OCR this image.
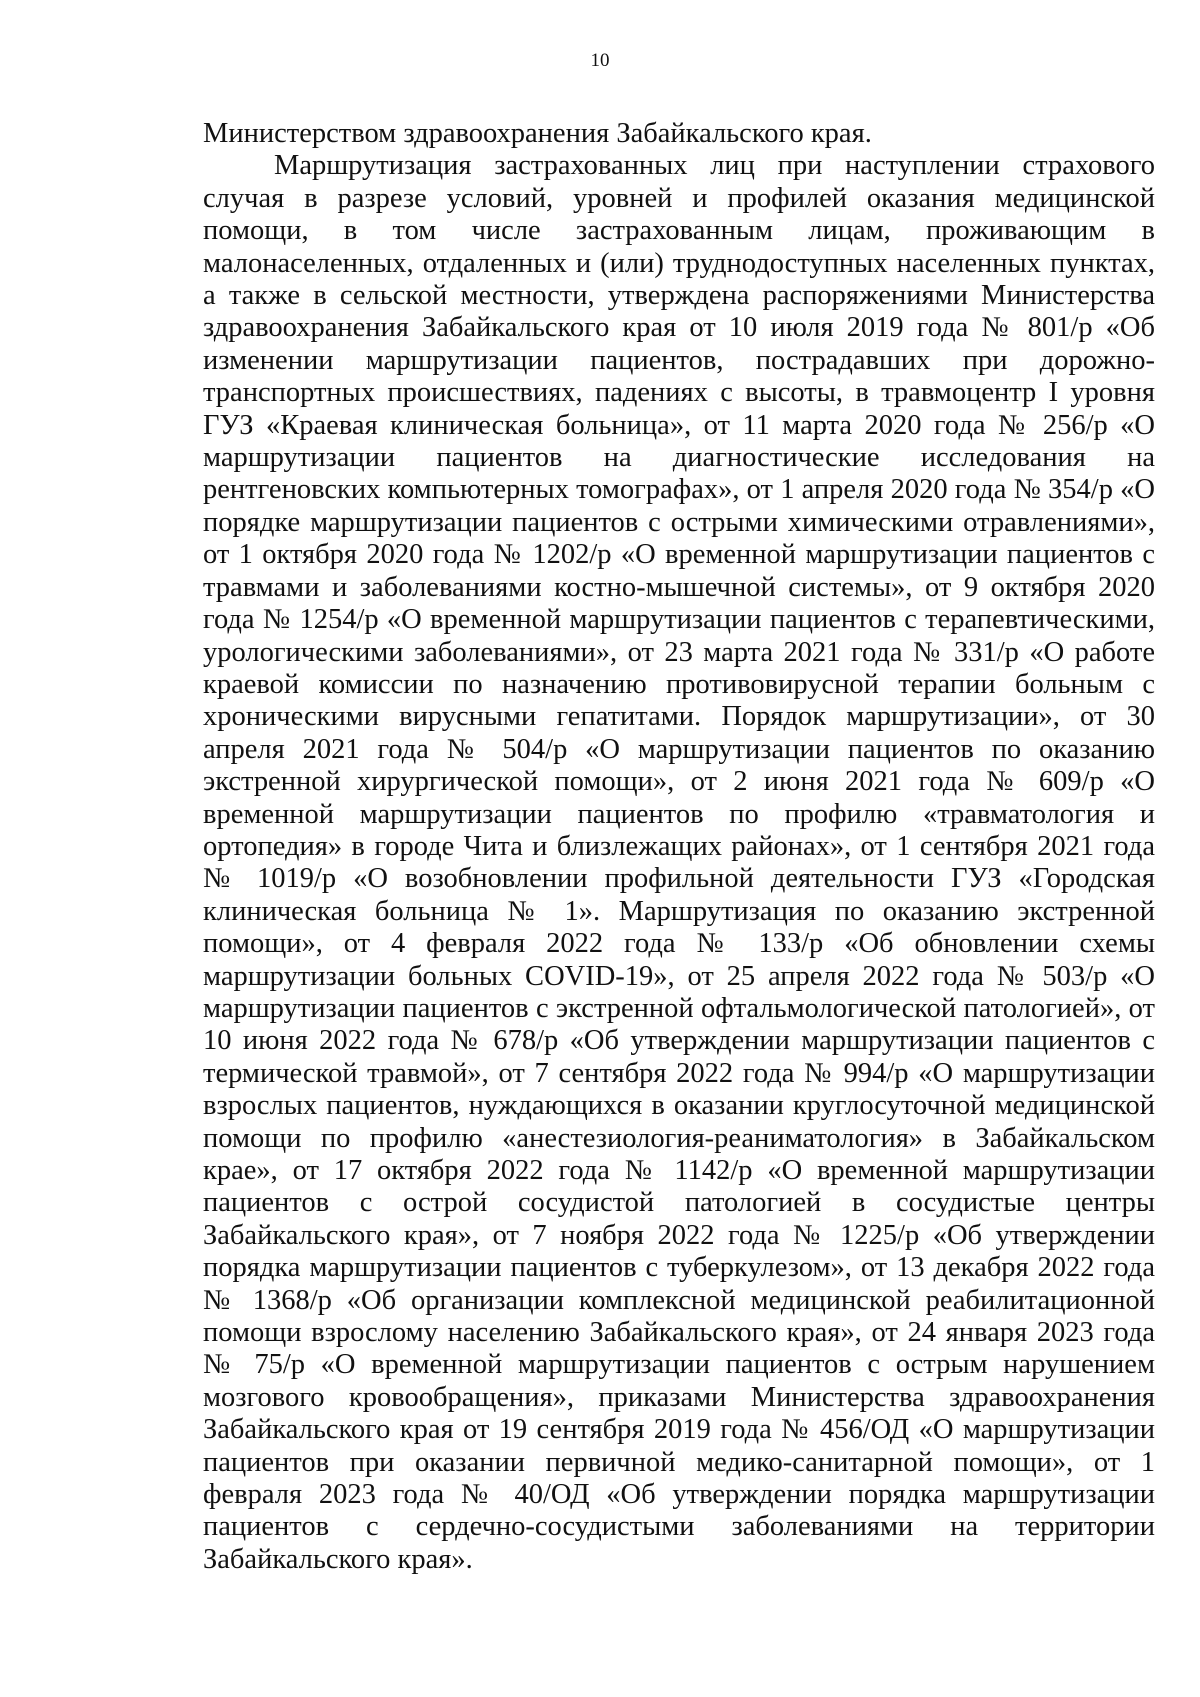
10

Министерством здравоохранения Забайкальского края.

Маршрутизация застрахованных лиц при наступлении страхового случая в разрезе условий, уровней и профилей оказания медицинской помощи, в том числе застрахованным лицам, проживающим в малонаселенных, отдаленных и (или) труднодоступных населенных пунктах, а также в сельской местности, утверждена распоряжениями Министерства здравоохранения Забайкальского края от 10 июля 2019 года № 801/р «Об изменении маршрутизации пациентов, пострадавших при дорожно-транспортных происшествиях, падениях с высоты, в травмоцентр I уровня ГУЗ «Краевая клиническая больница», от 11 марта 2020 года № 256/р «О маршрутизации пациентов на диагностические исследования на рентгеновских компьютерных томографах», от 1 апреля 2020 года № 354/р «О порядке маршрутизации пациентов с острыми химическими отравлениями», от 1 октября 2020 года № 1202/р «О временной маршрутизации пациентов с травмами и заболеваниями костно-мышечной системы», от 9 октября 2020 года № 1254/р «О временной маршрутизации пациентов с терапевтическими, урологическими заболеваниями», от 23 марта 2021 года № 331/р «О работе краевой комиссии по назначению противовирусной терапии больным с хроническими вирусными гепатитами. Порядок маршрутизации», от 30 апреля 2021 года № 504/р «О маршрутизации пациентов по оказанию экстренной хирургической помощи», от 2 июня 2021 года № 609/р «О временной маршрутизации пациентов по профилю «травматология и ортопедия» в городе Чита и близлежащих районах», от 1 сентября 2021 года № 1019/р «О возобновлении профильной деятельности ГУЗ «Городская клиническая больница № 1». Маршрутизация по оказанию экстренной помощи», от 4 февраля 2022 года № 133/р «Об обновлении схемы маршрутизации больных COVID-19», от 25 апреля 2022 года № 503/р «О маршрутизации пациентов с экстренной офтальмологической патологией», от 10 июня 2022 года № 678/р «Об утверждении маршрутизации пациентов с термической травмой», от 7 сентября 2022 года № 994/р «О маршрутизации взрослых пациентов, нуждающихся в оказании круглосуточной медицинской помощи по профилю «анестезиология-реаниматология» в Забайкальском крае», от 17 октября 2022 года № 1142/р «О временной маршрутизации пациентов с острой сосудистой патологией в сосудистые центры Забайкальского края», от 7 ноября 2022 года № 1225/р «Об утверждении порядка маршрутизации пациентов с туберкулезом», от 13 декабря 2022 года № 1368/р «Об организации комплексной медицинской реабилитационной помощи взрослому населению Забайкальского края», от 24 января 2023 года № 75/р «О временной маршрутизации пациентов с острым нарушением мозгового кровообращения», приказами Министерства здравоохранения Забайкальского края от 19 сентября 2019 года № 456/ОД «О маршрутизации пациентов при оказании первичной медико-санитарной помощи», от 1 февраля 2023 года № 40/ОД «Об утверждении порядка маршрутизации пациентов с сердечно-сосудистыми заболеваниями на территории Забайкальского края».
